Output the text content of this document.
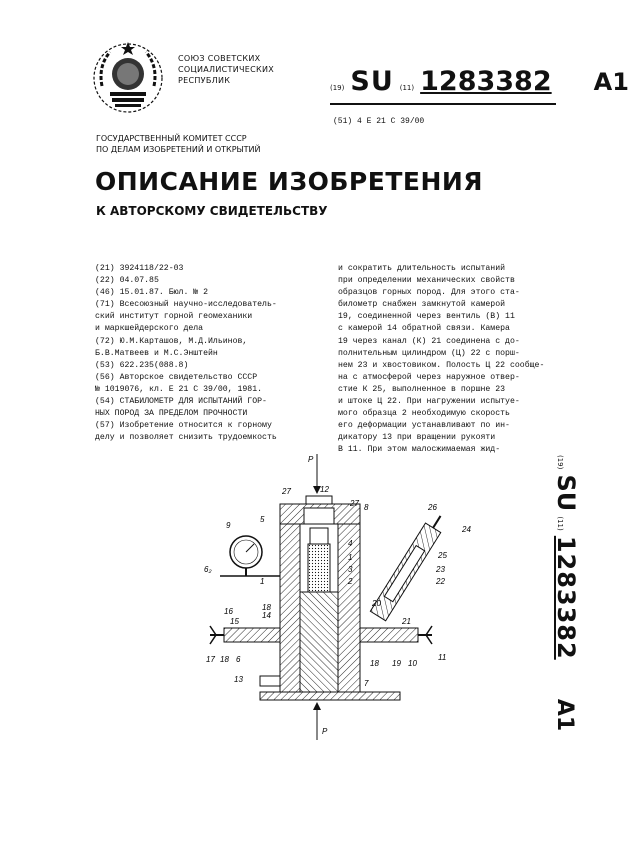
СОЮЗ СОВЕТСКИХ
СОЦИАЛИСТИЧЕСКИХ
РЕСПУБЛИК
(19) SU (11) 1283382 A1
(51) 4 E 21 C 39/00
ГОСУДАРСТВЕННЫЙ КОМИТЕТ СССР
ПО ДЕЛАМ ИЗОБРЕТЕНИЙ И ОТКРЫТИЙ
ОПИСАНИЕ ИЗОБРЕТЕНИЯ
К АВТОРСКОМУ СВИДЕТЕЛЬСТВУ
(21) 3924118/22-03
(22) 04.07.85
(46) 15.01.87. Бюл. № 2
(71) Всесоюзный научно-исследователь-
ский институт горной геомеханики
и маркшейдерского дела
(72) Ю.М.Карташов, М.Д.Ильинов,
Б.В.Матвеев и М.С.Энштейн
(53) 622.235(088.8)
(56) Авторское свидетельство СССР
№ 1019076, кл. Е 21 С 39/00, 1981.
(54) СТАБИЛОМЕТР ДЛЯ ИСПЫТАНИЙ ГОР-
НЫХ ПОРОД ЗА ПРЕДЕЛОМ ПРОЧНОСТИ
(57) Изобретение относится к горному
делу и позволяет снизить трудоемкость
и сократить длительность испытаний
при определении механических свойств
образцов горных пород. Для этого ста-
билометр снабжен замкнутой камерой
19, соединенной через вентиль (В) 11
с камерой 14 обратной связи. Камера
19 через канал (К) 21 соединена с до-
полнительным цилиндром (Ц) 22 с порш-
нем 23 и хвостовиком. Полость Ц 22 сообще-
на с атмосферой через наружное отвер-
стие К 25, выполненное в поршне 23
и штоке Ц 22. При нагружении испытуе-
мого образца 2 необходимую скорость
его деформации устанавливают по ин-
дикатору 13 при вращении рукояти
В 11. При этом малосжимаемая жид-
(19) SU (11) 1283382 A1
P
P
12
27
5
27 8
9
4
1
3
2
6₂
1
18
14
20
26
24
25
23
22
16
15	21
11
17 18 6
13	7
18 19 10
